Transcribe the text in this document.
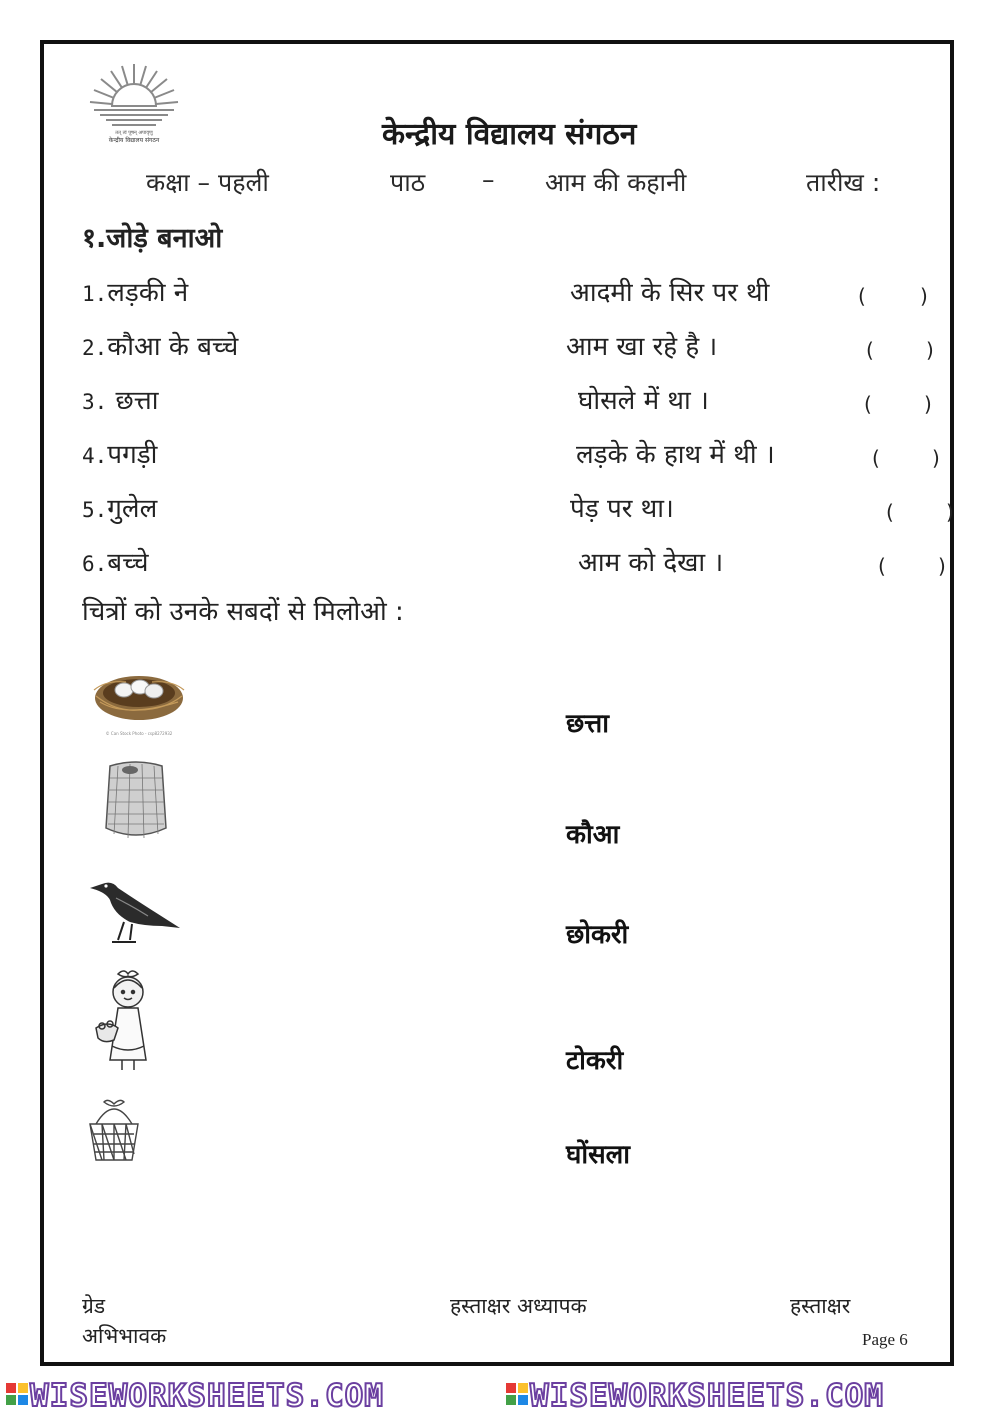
तत् त्वं पूषन् अपावृणु
केन्द्रीय विद्यालय संगठन	केन्द्रीय विद्यालय संगठन
कक्षा – पहली	पाठ – आम की कहानी	तारीख :
१.जोड़े बनाओ
1.लड़की ने	आदमी के सिर पर थी	(	)
2.कौआ के बच्चे	आम खा रहे है ।	(	)
3. छत्ता	घोसले में था ।	(	)
4.पगड़ी	लड़के के हाथ में थी ।	(	)
5.गुलेल	पेड़ पर था।	(	)
6.बच्चे	आम को देखा ।	(	)
चित्रों को उनके सबदों से मिलोओ :
© Can Stock Photo - csp8272932	छत्ता
कौआ
छोकरी
टोकरी
घोंसला
ग्रेड	हस्ताक्षर अध्यापक	हस्ताक्षर
अभिभावक	Page 6
WISEWORKSHEETS.COM	WISEWORKSHEETS.COM
